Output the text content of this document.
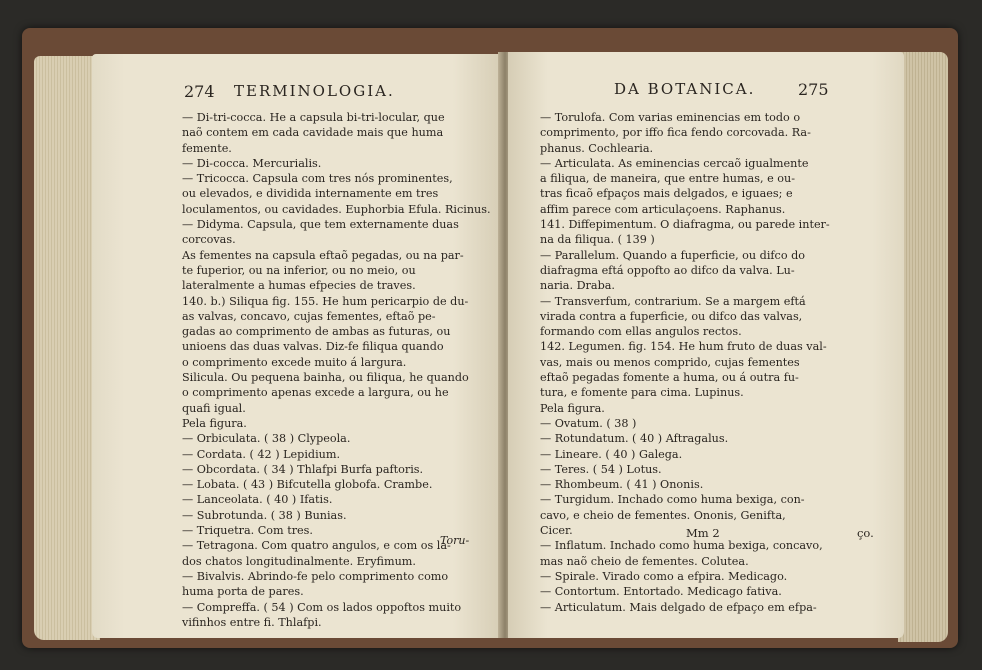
274 TERMINOLOGIA.
— Di-tri-cocca. He a capsula bi-tri-locular, que
naõ contem em cada cavidade mais que huma
femente.
— Di-cocca. Mercurialis.
— Tricocca. Capsula com tres nós prominentes,
ou elevados, e dividida internamente em tres
loculamentos, ou cavidades. Euphorbia Efula. Ricinus.
— Didyma. Capsula, que tem externamente duas
corcovas.
As fementes na capsula eftaõ pegadas, ou na par-
te fuperior, ou na inferior, ou no meio, ou
lateralmente a humas efpecies de traves.
140. b.) Siliqua fig. 155. He hum pericarpio de du-
as valvas, concavo, cujas fementes, eftaõ pe-
gadas ao comprimento de ambas as futuras, ou
unioens das duas valvas. Diz-fe filiqua quando
o comprimento excede muito á largura.
Silicula. Ou pequena bainha, ou filiqua, he quando
o comprimento apenas excede a largura, ou he
quafi igual.
Pela figura.
— Orbiculata. ( 38 ) Clypeola.
— Cordata. ( 42 ) Lepidium.
— Obcordata. ( 34 ) Thlafpi Burfa paftoris.
— Lobata. ( 43 ) Bifcutella globofa. Crambe.
— Lanceolata. ( 40 ) Ifatis.
— Subrotunda. ( 38 ) Bunias.
— Triquetra. Com tres.
— Tetragona. Com quatro angulos, e com os la-
dos chatos longitudinalmente. Eryfimum.
— Bivalvis. Abrindo-fe pelo comprimento como
huma porta de pares.
— Compreffa. ( 54 ) Com os lados oppoftos muito
vifinhos entre fi. Thlafpi.
Toru-
DA BOTANICA.	275
— Torulofa. Com varias eminencias em todo o
comprimento, por iffo fica fendo corcovada. Ra-
phanus. Cochlearia.
— Articulata. As eminencias cercaõ igualmente
a filiqua, de maneira, que entre humas, e ou-
tras ficaõ efpaços mais delgados, e iguaes; e
affim parece com articulaçoens. Raphanus.
141. Diffepimentum. O diafragma, ou parede inter-
na da filiqua. ( 139 )
— Parallelum. Quando a fuperficie, ou difco do
diafragma eftá oppofto ao difco da valva. Lu-
naria. Draba.
— Transverfum, contrarium. Se a margem eftá
virada contra a fuperficie, ou difco das valvas,
formando com ellas angulos rectos.
142. Legumen. fig. 154. He hum fruto de duas val-
vas, mais ou menos comprido, cujas fementes
eftaõ pegadas fomente a huma, ou á outra fu-
tura, e fomente para cima. Lupinus.
Pela figura.
— Ovatum. ( 38 )
— Rotundatum. ( 40 ) Aftragalus.
— Lineare. ( 40 ) Galega.
— Teres. ( 54 ) Lotus.
— Rhombeum. ( 41 ) Ononis.
— Turgidum. Inchado como huma bexiga, con-
cavo, e cheio de fementes. Ononis, Genifta,
Cicer.
— Inflatum. Inchado como huma bexiga, concavo,
mas naõ cheio de fementes. Colutea.
— Spirale. Virado como a efpira. Medicago.
— Contortum. Entortado. Medicago fativa.
— Articulatum. Mais delgado de efpaço em efpa-
Mm 2	ço.
